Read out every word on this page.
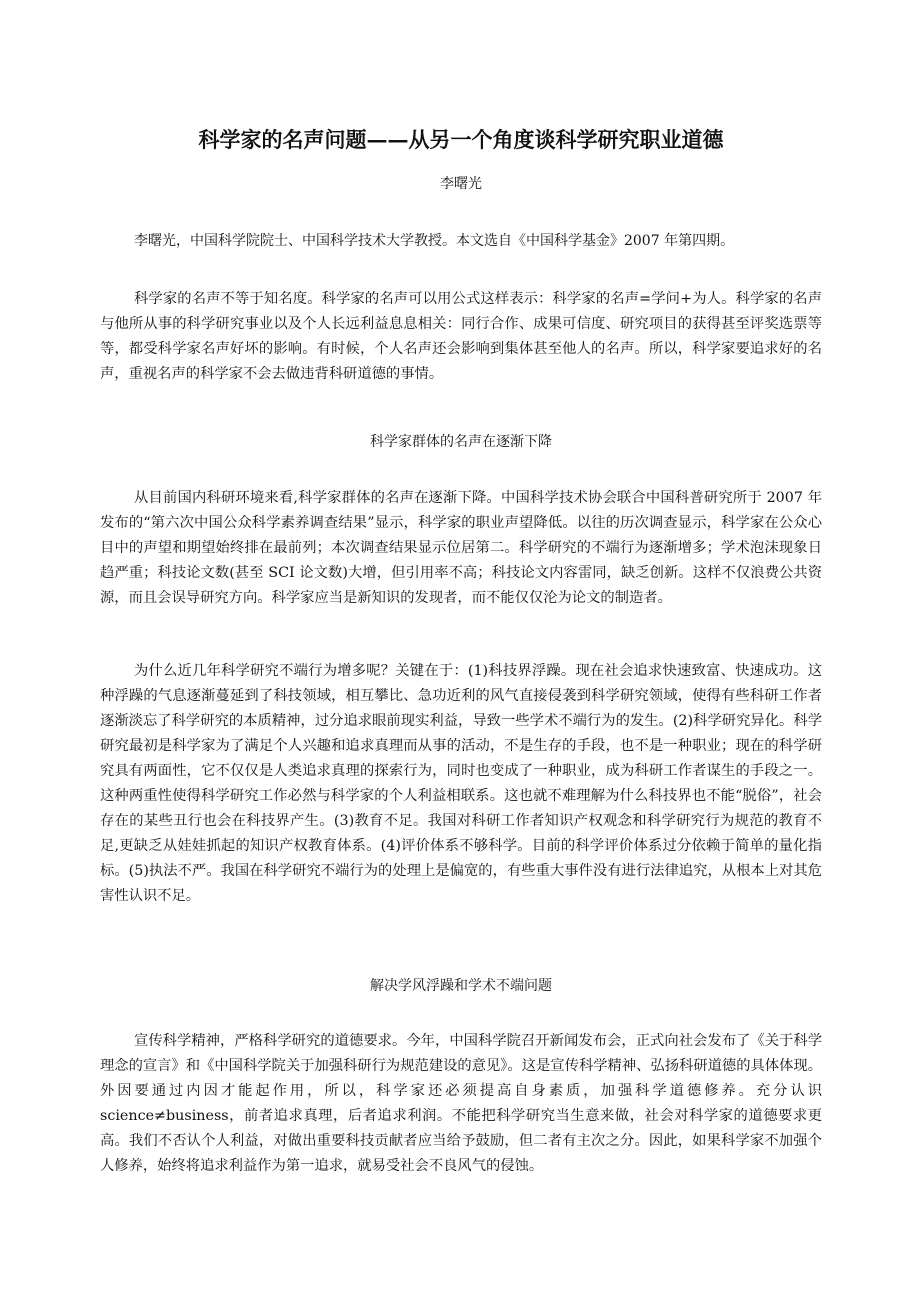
科学家的名声问题——从另一个角度谈科学研究职业道德

李曙光

李曙光，中国科学院院士、中国科学技术大学教授。本文选自《中国科学基金》2007 年第四期。

科学家的名声不等于知名度。科学家的名声可以用公式这样表示：科学家的名声=学问+为人。科学家的名声与他所从事的科学研究事业以及个人长远利益息息相关：同行合作、成果可信度、研究项目的获得甚至评奖选票等等，都受科学家名声好坏的影响。有时候，个人名声还会影响到集体甚至他人的名声。所以，科学家要追求好的名声，重视名声的科学家不会去做违背科研道德的事情。

科学家群体的名声在逐渐下降

从目前国内科研环境来看,科学家群体的名声在逐渐下降。中国科学技术协会联合中国科普研究所于 2007 年发布的“第六次中国公众科学素养调查结果”显示，科学家的职业声望降低。以往的历次调查显示，科学家在公众心目中的声望和期望始终排在最前列；本次调查结果显示位居第二。科学研究的不端行为逐渐增多；学术泡沫现象日趋严重；科技论文数(甚至 SCI 论文数)大增，但引用率不高；科技论文内容雷同，缺乏创新。这样不仅浪费公共资源，而且会误导研究方向。科学家应当是新知识的发现者，而不能仅仅沦为论文的制造者。

为什么近几年科学研究不端行为增多呢？关键在于：(1)科技界浮躁。现在社会追求快速致富、快速成功。这种浮躁的气息逐渐蔓延到了科技领域，相互攀比、急功近利的风气直接侵袭到科学研究领域，使得有些科研工作者逐渐淡忘了科学研究的本质精神，过分追求眼前现实利益，导致一些学术不端行为的发生。(2)科学研究异化。科学研究最初是科学家为了满足个人兴趣和追求真理而从事的活动，不是生存的手段，也不是一种职业；现在的科学研究具有两面性，它不仅仅是人类追求真理的探索行为，同时也变成了一种职业，成为科研工作者谋生的手段之一。这种两重性使得科学研究工作必然与科学家的个人利益相联系。这也就不难理解为什么科技界也不能“脱俗”，社会存在的某些丑行也会在科技界产生。(3)教育不足。我国对科研工作者知识产权观念和科学研究行为规范的教育不足,更缺乏从娃娃抓起的知识产权教育体系。(4)评价体系不够科学。目前的科学评价体系过分依赖于简单的量化指标。(5)执法不严。我国在科学研究不端行为的处理上是偏宽的，有些重大事件没有进行法律追究，从根本上对其危害性认识不足。

解决学风浮躁和学术不端问题

宣传科学精神，严格科学研究的道德要求。今年，中国科学院召开新闻发布会，正式向社会发布了《关于科学理念的宣言》和《中国科学院关于加强科研行为规范建设的意见》。这是宣传科学精神、弘扬科研道德的具体体现。外因要通过内因才能起作用，所以，科学家还必须提高自身素质，加强科学道德修养。充分认识 science≠business，前者追求真理，后者追求利润。不能把科学研究当生意来做，社会对科学家的道德要求更高。我们不否认个人利益，对做出重要科技贡献者应当给予鼓励，但二者有主次之分。因此，如果科学家不加强个人修养，始终将追求利益作为第一追求，就易受社会不良风气的侵蚀。
